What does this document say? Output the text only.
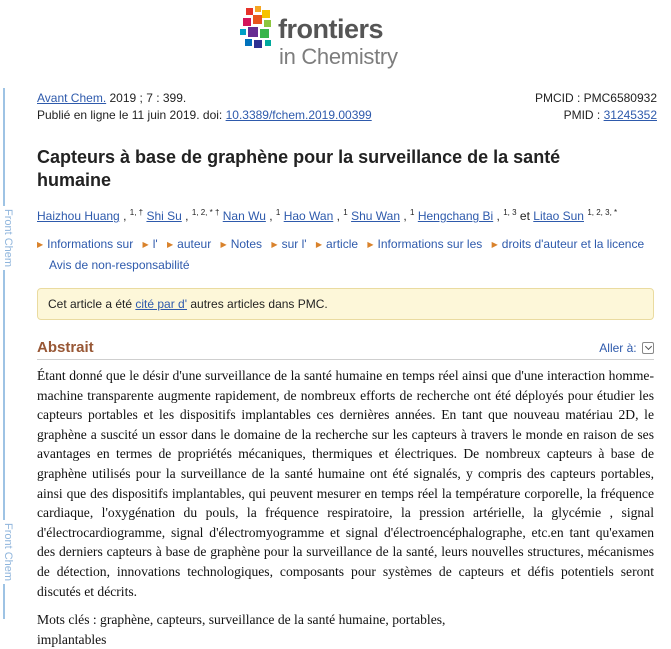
Front Chem
Front Chem
frontiers
in Chemistry
Avant Chem. 2019 ; 7 : 399.	PMCID : PMC6580932
Publié en ligne le 11 juin 2019. doi: 10.3389/fchem.2019.00399	PMID : 31245352
Capteurs à base de graphène pour la surveillance de la santé humaine
Haizhou Huang , $^{1, \dagger}$ Shi Su , $^{1, 2, * \dagger}$ Nan Wu , $^1$ Hao Wan , $^1$ Shu Wan , $^1$ Hengchang Bi , $^{1, 3}$ et Litao Sun $^{1, 2, 3, *}$
▶ Informations sur ▶ l' ▶ auteur ▶ Notes ▶ sur l' ▶ article ▶ Informations sur les ▶ droits d'auteur et la licence
Avis de non-responsabilité
Cet article a été cité par d' autres articles dans PMC.
Abstrait	Aller à:
Étant donné que le désir d'une surveillance de la santé humaine en temps réel ainsi que d'une interaction homme-machine transparente augmente rapidement, de nombreux efforts de recherche ont été déployés pour étudier les capteurs portables et les dispositifs implantables ces dernières années. En tant que nouveau matériau 2D, le graphène a suscité un essor dans le domaine de la recherche sur les capteurs à travers le monde en raison de ses avantages en termes de propriétés mécaniques, thermiques et électriques. De nombreux capteurs à base de graphène utilisés pour la surveillance de la santé humaine ont été signalés, y compris des capteurs portables, ainsi que des dispositifs implantables, qui peuvent mesurer en temps réel la température corporelle, la fréquence cardiaque, l'oxygénation du pouls, la fréquence respiratoire, la pression artérielle, la glycémie , signal d'électrocardiogramme, signal d'électromyogramme et signal d'électroencéphalographe, etc.en tant qu'examen des derniers capteurs à base de graphène pour la surveillance de la santé, leurs nouvelles structures, mécanismes de détection, innovations technologiques, composants pour systèmes de capteurs et défis potentiels seront discutés et décrits.
Mots clés : graphène, capteurs, surveillance de la santé humaine, portables, implantables
